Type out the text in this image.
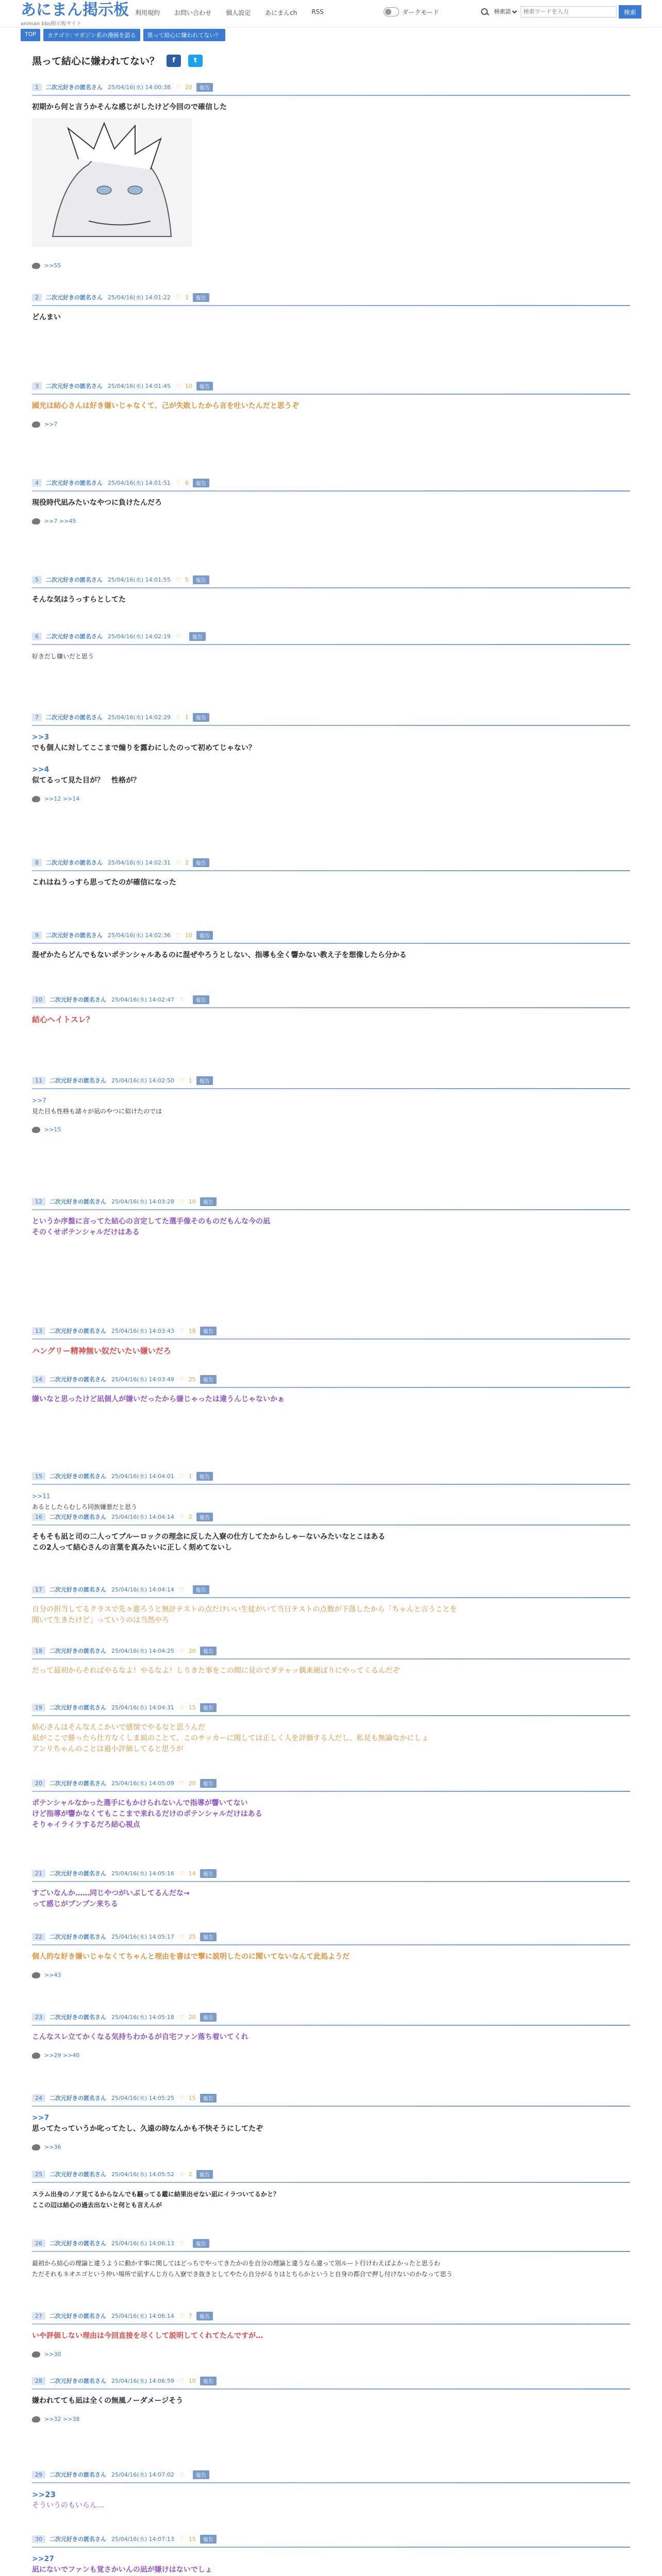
あにまん掲示板
animan bbs掲示板サイト
利用規約 お問い合わせ 個人設定 あにまんch RSS	ダークモード
検索語
検索ワードを入力	検索
TOP	カテゴリ: マガジン系の漫画を語る	黒って結心に嫌われてない？
黒って結心に嫌われてない？	f	t
1	二次元好きの匿名さん 25/04/16(水) 14:00:38 ♡ 20	報告
初期から何と言うかそんな感じがしたけど今回ので確信した
>>55
2	二次元好きの匿名さん 25/04/16(水) 14:01:22 ♡ 1	報告
どんまい
3	二次元好きの匿名さん 25/04/16(水) 14:01:45 ♡ 10	報告
國光は結心さんは好き嫌いじゃなくて、己が失敗したから言を吐いたんだと思うぞ
>>7
4	二次元好きの匿名さん 25/04/16(水) 14:01:51 ♡ 6	報告
現役時代凪みたいなやつに負けたんだろ
>>7 >>45
5	二次元好きの匿名さん 25/04/16(水) 14:01:55 ♡ 5	報告
そんな気はうっすらとしてた
6	二次元好きの匿名さん 25/04/16(水) 14:02:19 ♡	報告
好きだし嫌いだと思う
7	二次元好きの匿名さん 25/04/16(水) 14:02:29 ♡ 1	報告
>>3
でも個人に対してここまで煽りを露わにしたのって初めてじゃない？
>>4
似てるって見た目が？　性格が？
>>12 >>14
8	二次元好きの匿名さん 25/04/16(水) 14:02:31 ♡ 2	報告
これはねうっすら思ってたのが確信になった
9	二次元好きの匿名さん 25/04/16(水) 14:02:36 ♡ 10	報告
混ぜかたらどんでもないポテンシャルあるのに混ぜやろうとしない、指導も全く響かない教え子を想像したら分かる
10	二次元好きの匿名さん 25/04/16(水) 14:02:47 ♡	報告
結心ヘイトスレ？
11	二次元好きの匿名さん 25/04/16(水) 14:02:50 ♡ 1	報告
>>7
見た目も性格も諸々が凪のやつに似けたのでは
>>15
12	二次元好きの匿名さん 25/04/16(水) 14:03:28 ♡ 10	報告
というか序盤に言ってた結心の言定してた選手像そのものだもんな今の凪
そのくせポテンシャルだけはある
13	二次元好きの匿名さん 25/04/16(水) 14:03:43 ♡ 18	報告
ハングリー精神無い奴だいたい嫌いだろ
14	二次元好きの匿名さん 25/04/16(水) 14:03:49 ♡ 25	報告
嫌いなと思ったけど凪個人が嫌いだったから嫌じゃったは違うんじゃないかぁ
15	二次元好きの匿名さん 25/04/16(水) 14:04:01 ♡ 1	報告
>>11
あるとしたらむしろ同族嫌悪だと思う
16	二次元好きの匿名さん 25/04/16(水) 14:04:14 ♡ 2	報告
そもそも凪と司の二人ってブルーロックの理念に反した入寮の仕方してたからしゃーないみたいなとこはある
この2人って結心さんの言葉を真みたいに正しく刻めてないし
17	二次元好きの匿名さん 25/04/16(水) 14:04:14 ♡	報告
自分の担当してるクラスで先々進ろうと無計テストの点だけいい生徒がいて当日テストの点数が下落したから「ちゃんと言うことを
聞いて生きたけど」っていうのは当然やろ
18	二次元好きの匿名さん 25/04/16(水) 14:04:25 ♡ 20	報告
だって最初からそればやるなよ！やるなよ！しりきた事をこの間に見のでダテャッ偶来硬ばりにやってくるんだぞ
19	二次元好きの匿名さん 25/04/16(水) 14:04:31 ♡ 15	報告
結心さんはそんなえこかいで感情でやるなと思うんだ
凪がここで勝ったら仕方なくしま凪のことて、このサッカーに関しては正しく人を評価する人だし、私見も無論なかにしょ
アンリちゃんのことは過小評価してると思うが
20	二次元好きの匿名さん 25/04/16(水) 14:05:09 ♡ 20	報告
ポテンシャルなかった選手にもかけられないんで指導が響いてない
けど指導が響かなくてもここまで来れるだけのポテンシャルだけはある
そりゃイライラするだろ結心視点
21	二次元好きの匿名さん 25/04/16(水) 14:05:16 ♡ 14	報告
すごいなんか……同じやつがいぶしてるんだな→
って感じがプンプン来ちる
22	二次元好きの匿名さん 25/04/16(水) 14:05:17 ♡ 25	報告
個人的な好き嫌いじゃなくてちゃんと理由を書はで撃に説明したのに聞いてないなんて此処ようだ
>>43
23	二次元好きの匿名さん 25/04/16(水) 14:05:18 ♡ 20	報告
こんなスレ立てかくなる気持ちわかるが自宅ファン落ち着いてくれ
>>29 >>40
24	二次元好きの匿名さん 25/04/16(水) 14:05:25 ♡ 15	報告
>>7
思ってたっていうか叱ってたし、久遠の時なんかも不快そうにしてたぞ
>>36
25	二次元好きの匿名さん 25/04/16(水) 14:05:52 ♡ 2	報告
スラム出身のノア見てるからなんでも騒ってる鑑に結果出せない凪にイラついてるかと？
ここの辺は結心の過去出ないと何とも言えんが
26	二次元好きの匿名さん 25/04/16(水) 14:06:13 ♡	報告
最初から結心の理論と違うように動かす事に関してはどっちでやってきたかのを自分の理論と違うなら違って別ルート行けわえばよかったと思うわ
ただそれもネオエゴという仲い場所で凪すんじ方ら入寮でき抜きとしてやたら自分がるりはとちらかというと自身の都合で押し付けないのかなって思う
27	二次元好きの匿名さん 25/04/16(水) 14:06:14 ♡ 7	報告
いや評価しない理由は今回直接を尽くして説明してくれてたんですが…
>>30
28	二次元好きの匿名さん 25/04/16(水) 14:06:59 ♡ 10	報告
嫌われてても凪は全くの無風ノーダメージそう
>>32 >>38
29	二次元好きの匿名さん 25/04/16(水) 14:07:02 ♡	報告
>>23
そういうのもいらん…
30	二次元好きの匿名さん 25/04/16(水) 14:07:13 ♡ 15	報告
>>27
凪にないでファンも覚さかいんの凪が嫌けはないでしょ
